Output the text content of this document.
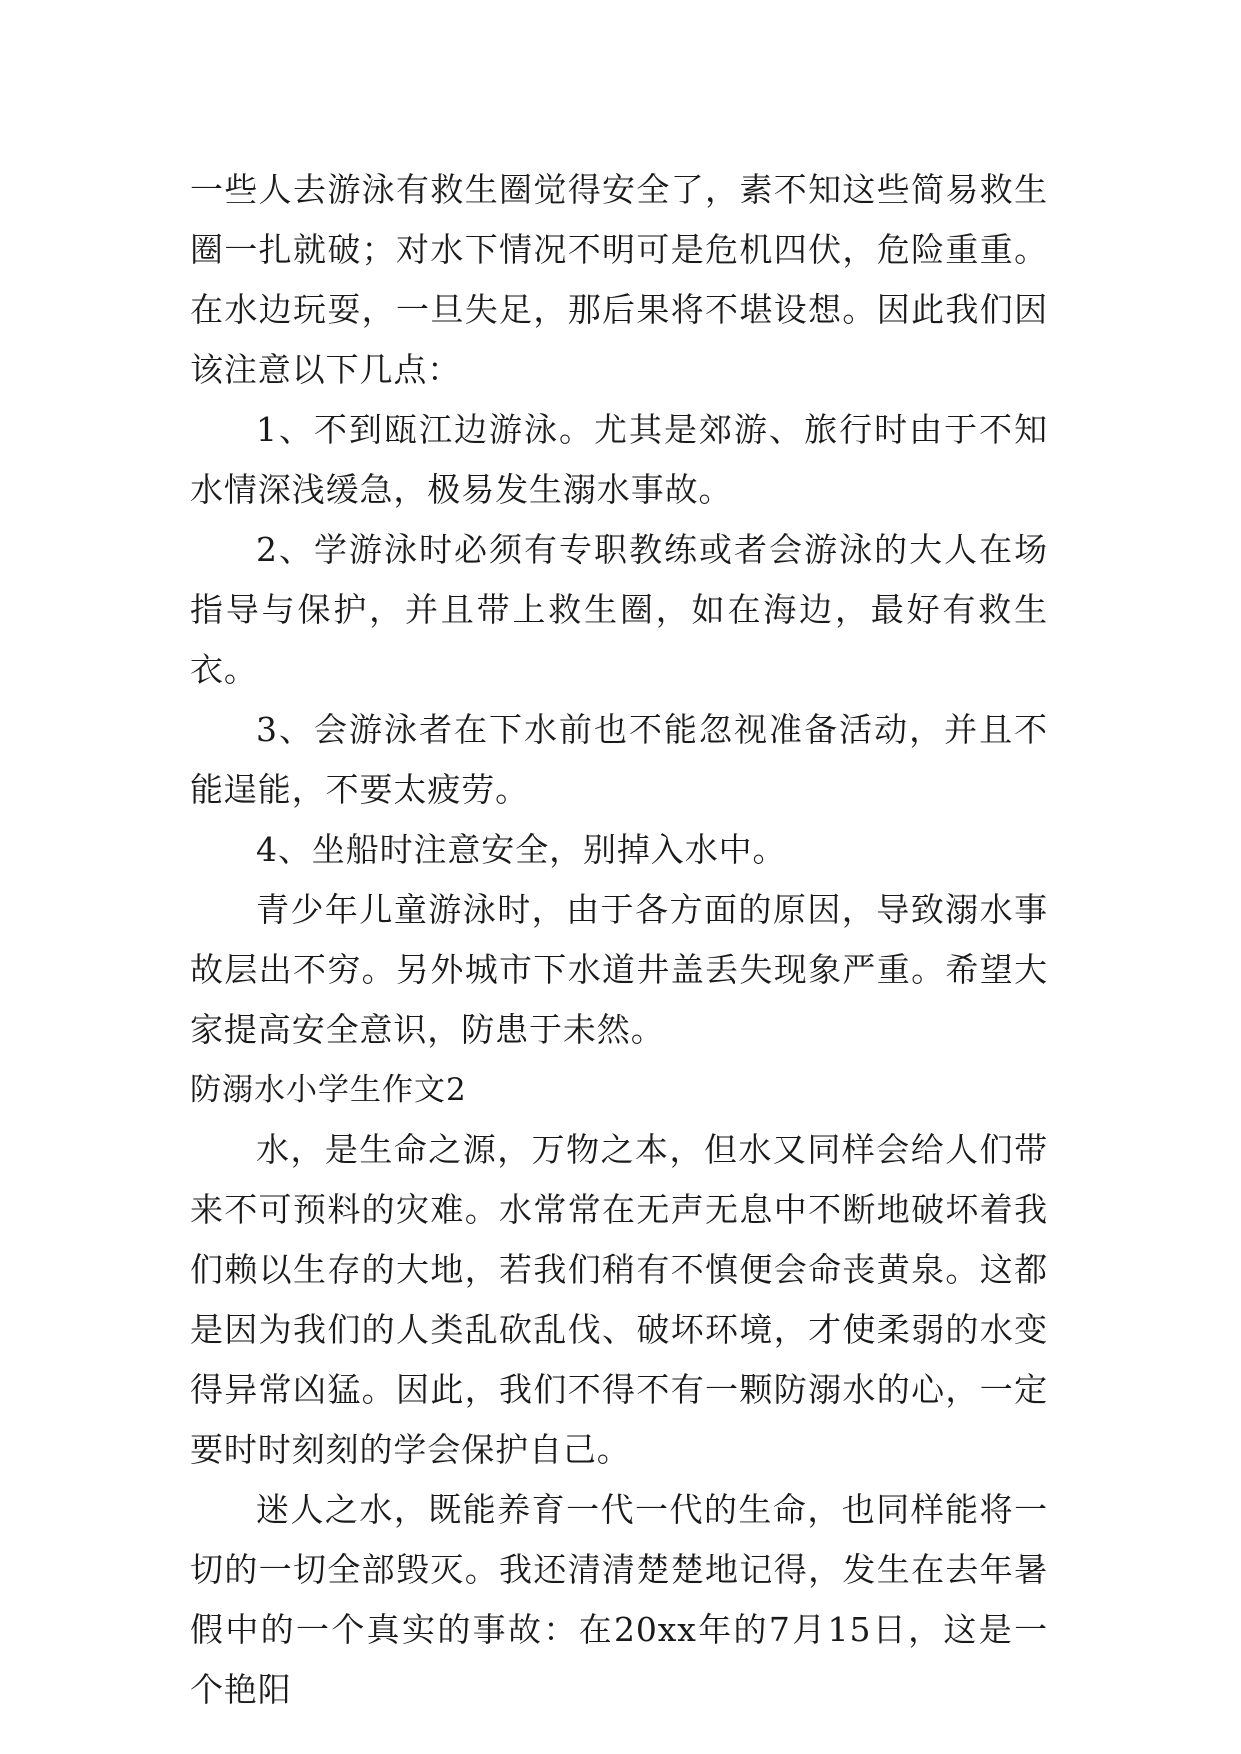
一些人去游泳有救生圈觉得安全了，素不知这些简易救生圈一扎就破；对水下情况不明可是危机四伏，危险重重。在水边玩耍，一旦失足，那后果将不堪设想。因此我们因该注意以下几点：

1、不到瓯江边游泳。尤其是郊游、旅行时由于不知水情深浅缓急，极易发生溺水事故。

2、学游泳时必须有专职教练或者会游泳的大人在场指导与保护，并且带上救生圈，如在海边，最好有救生衣。

3、会游泳者在下水前也不能忽视准备活动，并且不能逞能，不要太疲劳。

4、坐船时注意安全，别掉入水中。

青少年儿童游泳时，由于各方面的原因，导致溺水事故层出不穷。另外城市下水道井盖丢失现象严重。希望大家提高安全意识，防患于未然。

防溺水小学生作文2

水，是生命之源，万物之本，但水又同样会给人们带来不可预料的灾难。水常常在无声无息中不断地破坏着我们赖以生存的大地，若我们稍有不慎便会命丧黄泉。这都是因为我们的人类乱砍乱伐、破坏环境，才使柔弱的水变得异常凶猛。因此，我们不得不有一颗防溺水的心，一定要时时刻刻的学会保护自己。

迷人之水，既能养育一代一代的生命，也同样能将一切的一切全部毁灭。我还清清楚楚地记得，发生在去年暑假中的一个真实的事故：在20xx年的7月15日，这是一个艳阳
